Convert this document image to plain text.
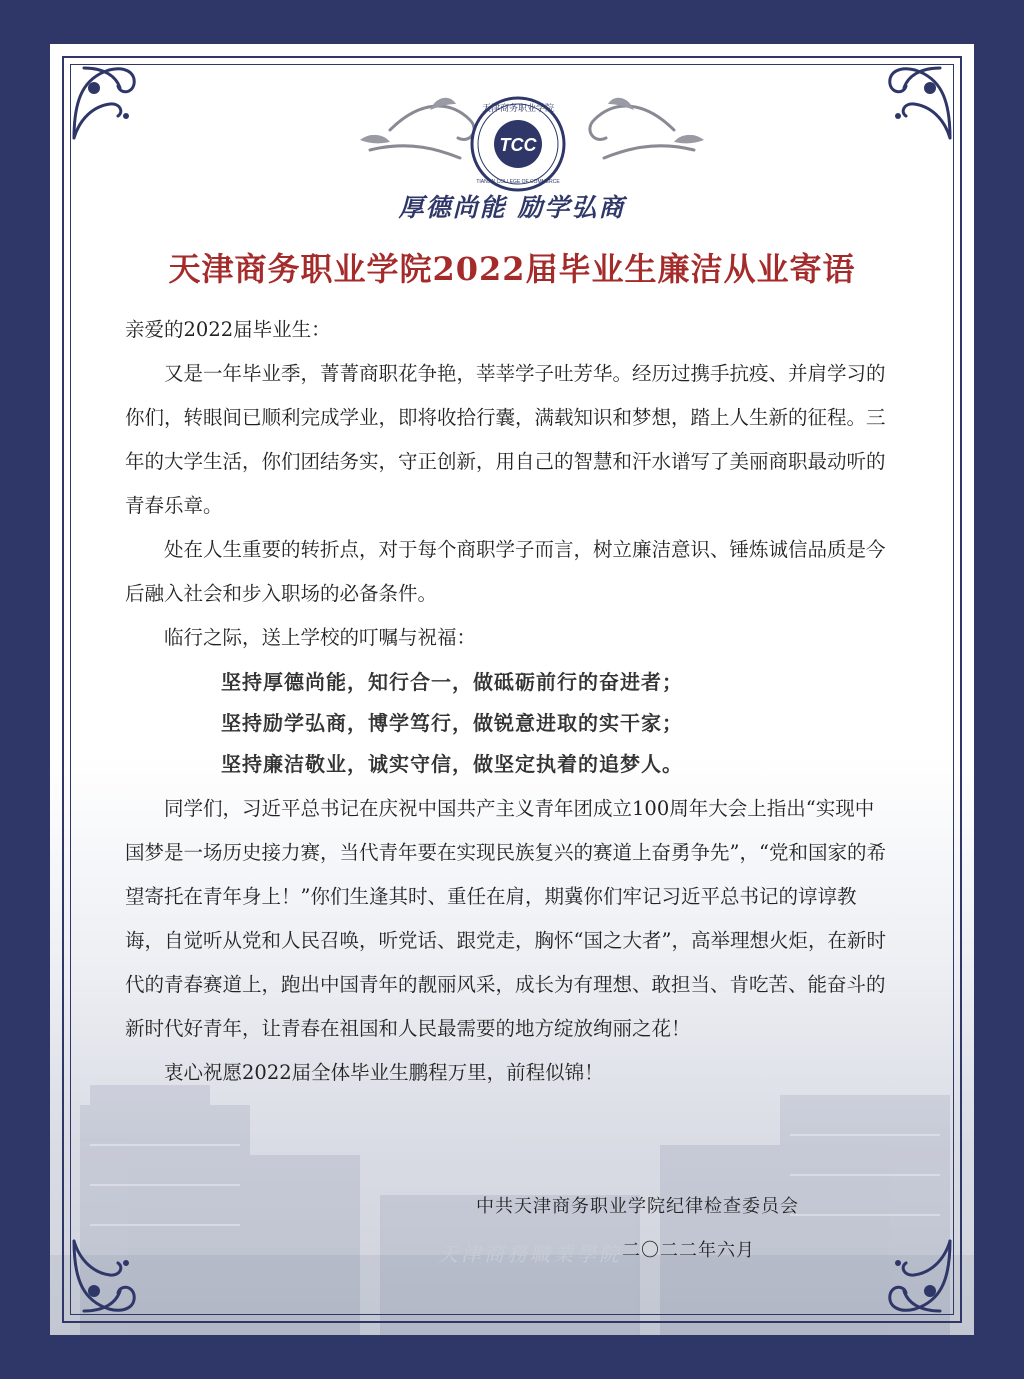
TCC
天津商务职业学院
TIANJIN COLLEGE OF COMMERCE
厚德尚能 励学弘商
天津商务职业学院2022届毕业生廉洁从业寄语

亲爱的2022届毕业生：

又是一年毕业季，菁菁商职花争艳，莘莘学子吐芳华。经历过携手抗疫、并肩学习的你们，转眼间已顺利完成学业，即将收拾行囊，满载知识和梦想，踏上人生新的征程。三年的大学生活，你们团结务实，守正创新，用自己的智慧和汗水谱写了美丽商职最动听的青春乐章。

处在人生重要的转折点，对于每个商职学子而言，树立廉洁意识、锤炼诚信品质是今后融入社会和步入职场的必备条件。

临行之际，送上学校的叮嘱与祝福：

坚持厚德尚能，知行合一，做砥砺前行的奋进者；

坚持励学弘商，博学笃行，做锐意进取的实干家；

坚持廉洁敬业，诚实守信，做坚定执着的追梦人。

同学们，习近平总书记在庆祝中国共产主义青年团成立100周年大会上指出“实现中国梦是一场历史接力赛，当代青年要在实现民族复兴的赛道上奋勇争先”，“党和国家的希望寄托在青年身上！”你们生逢其时、重任在肩，期冀你们牢记习近平总书记的谆谆教诲，自觉听从党和人民召唤，听党话、跟党走，胸怀“国之大者”，高举理想火炬，在新时代的青春赛道上，跑出中国青年的靓丽风采，成长为有理想、敢担当、肯吃苦、能奋斗的新时代好青年，让青春在祖国和人民最需要的地方绽放绚丽之花！

衷心祝愿2022届全体毕业生鹏程万里，前程似锦！

天津商務職業學院
中共天津商务职业学院纪律检查委员会
二〇二二年六月
